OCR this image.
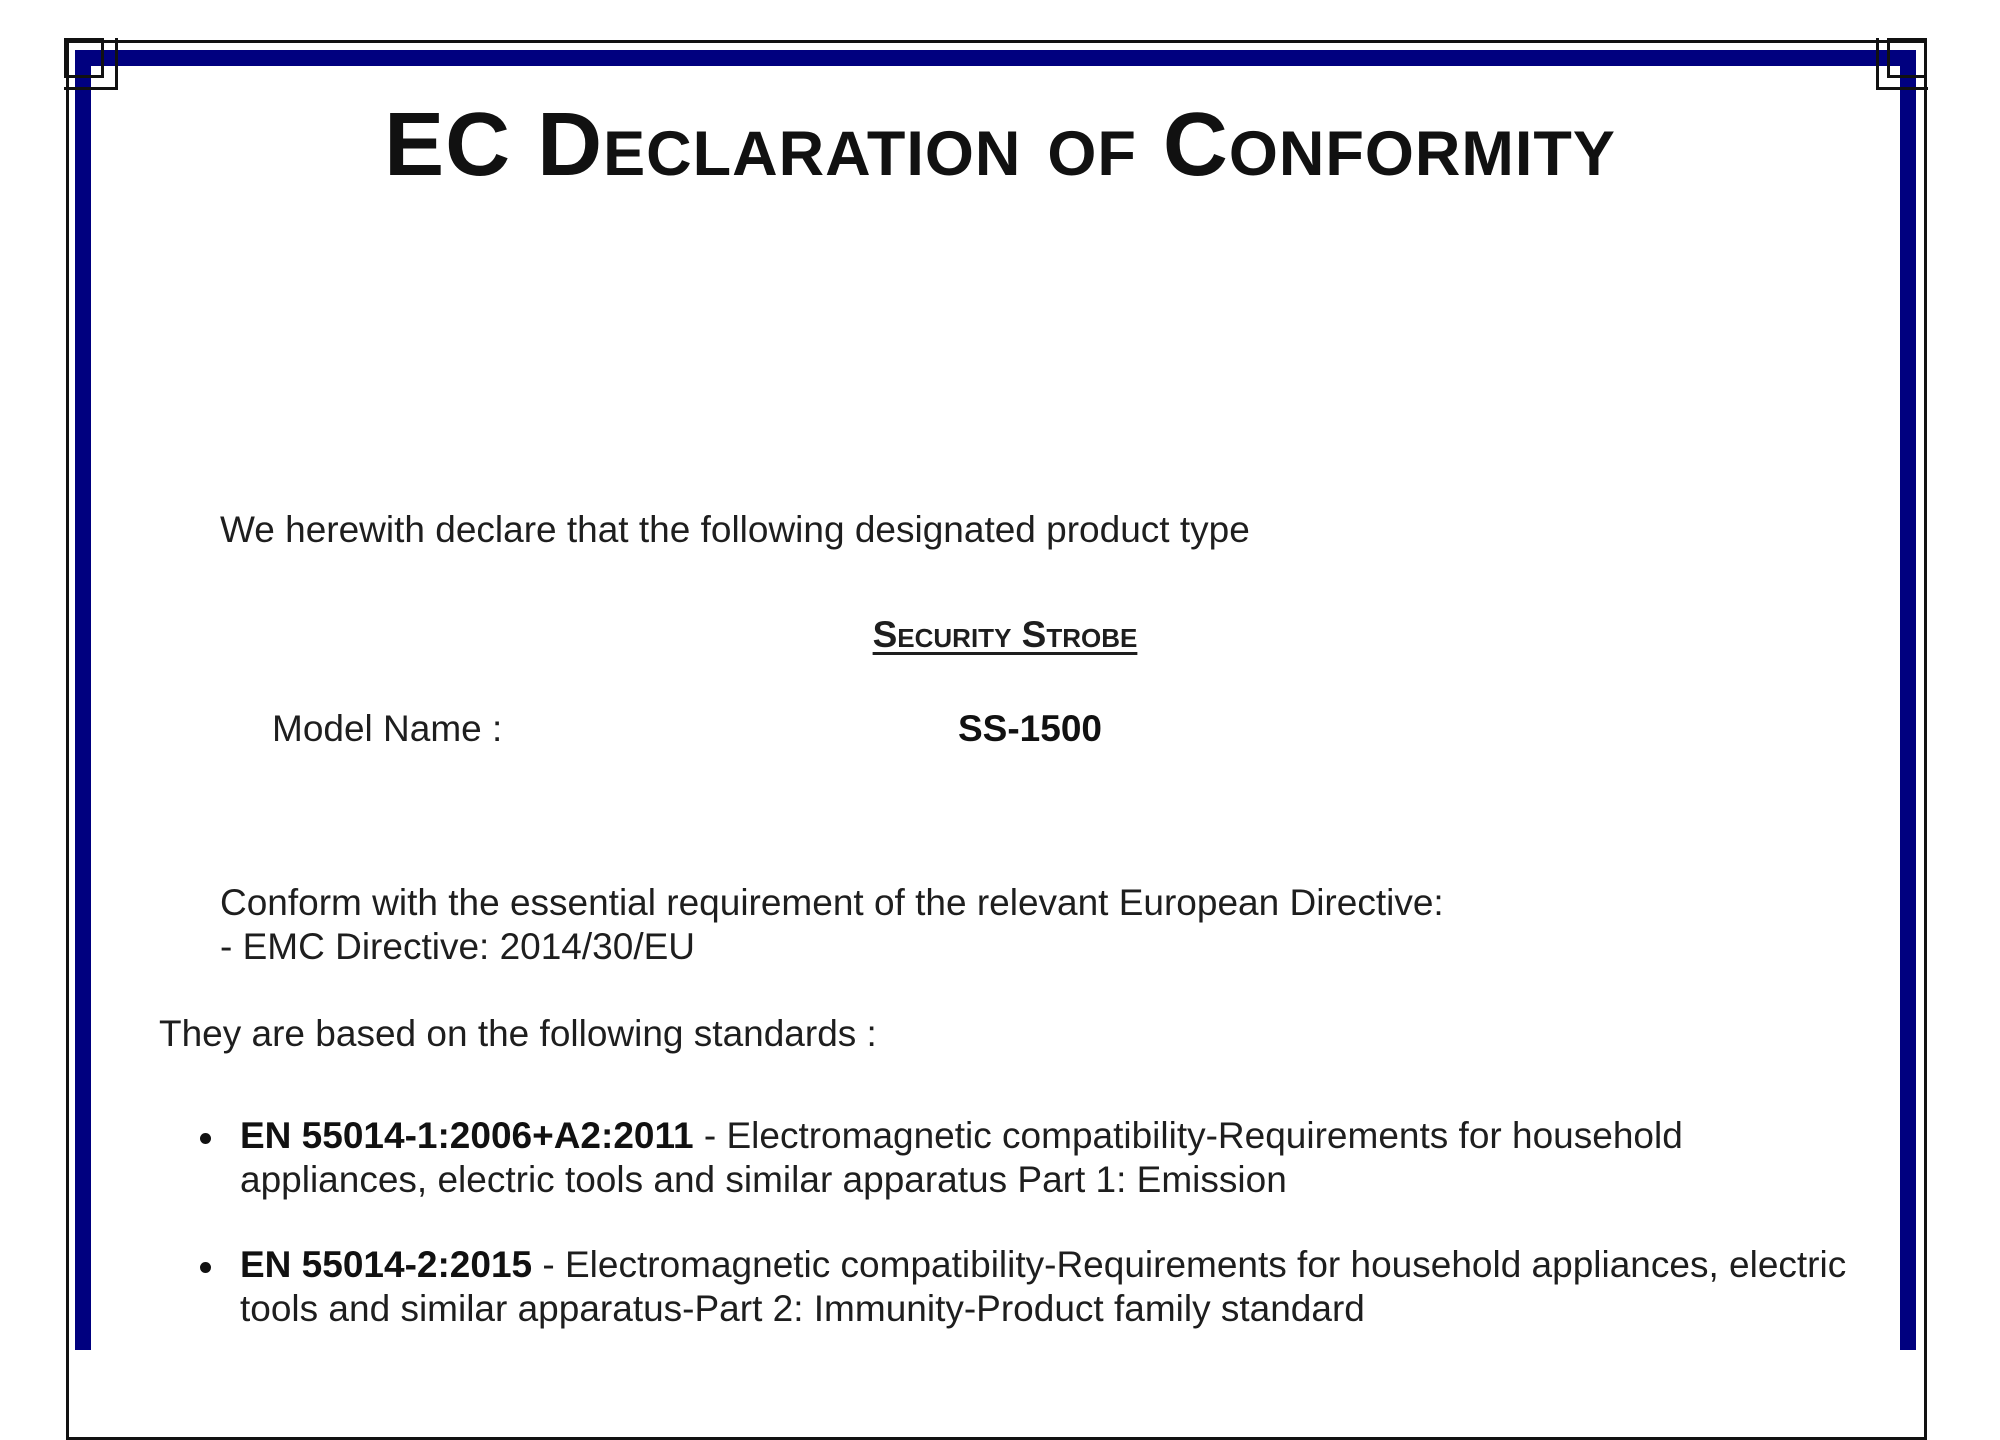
EC Declaration of Conformity
We herewith declare that the following designated product type
Security Strobe
Model Name :	SS-1500
Conform with the essential requirement of the relevant European Directive:
- EMC Directive: 2014/30/EU
They are based on the following standards :
EN 55014-1:2006+A2:2011 - Electromagnetic compatibility-Requirements for household
appliances, electric tools and similar apparatus Part 1: Emission
EN 55014-2:2015 - Electromagnetic compatibility-Requirements for household appliances, electric
tools and similar apparatus-Part 2: Immunity-Product family standard
